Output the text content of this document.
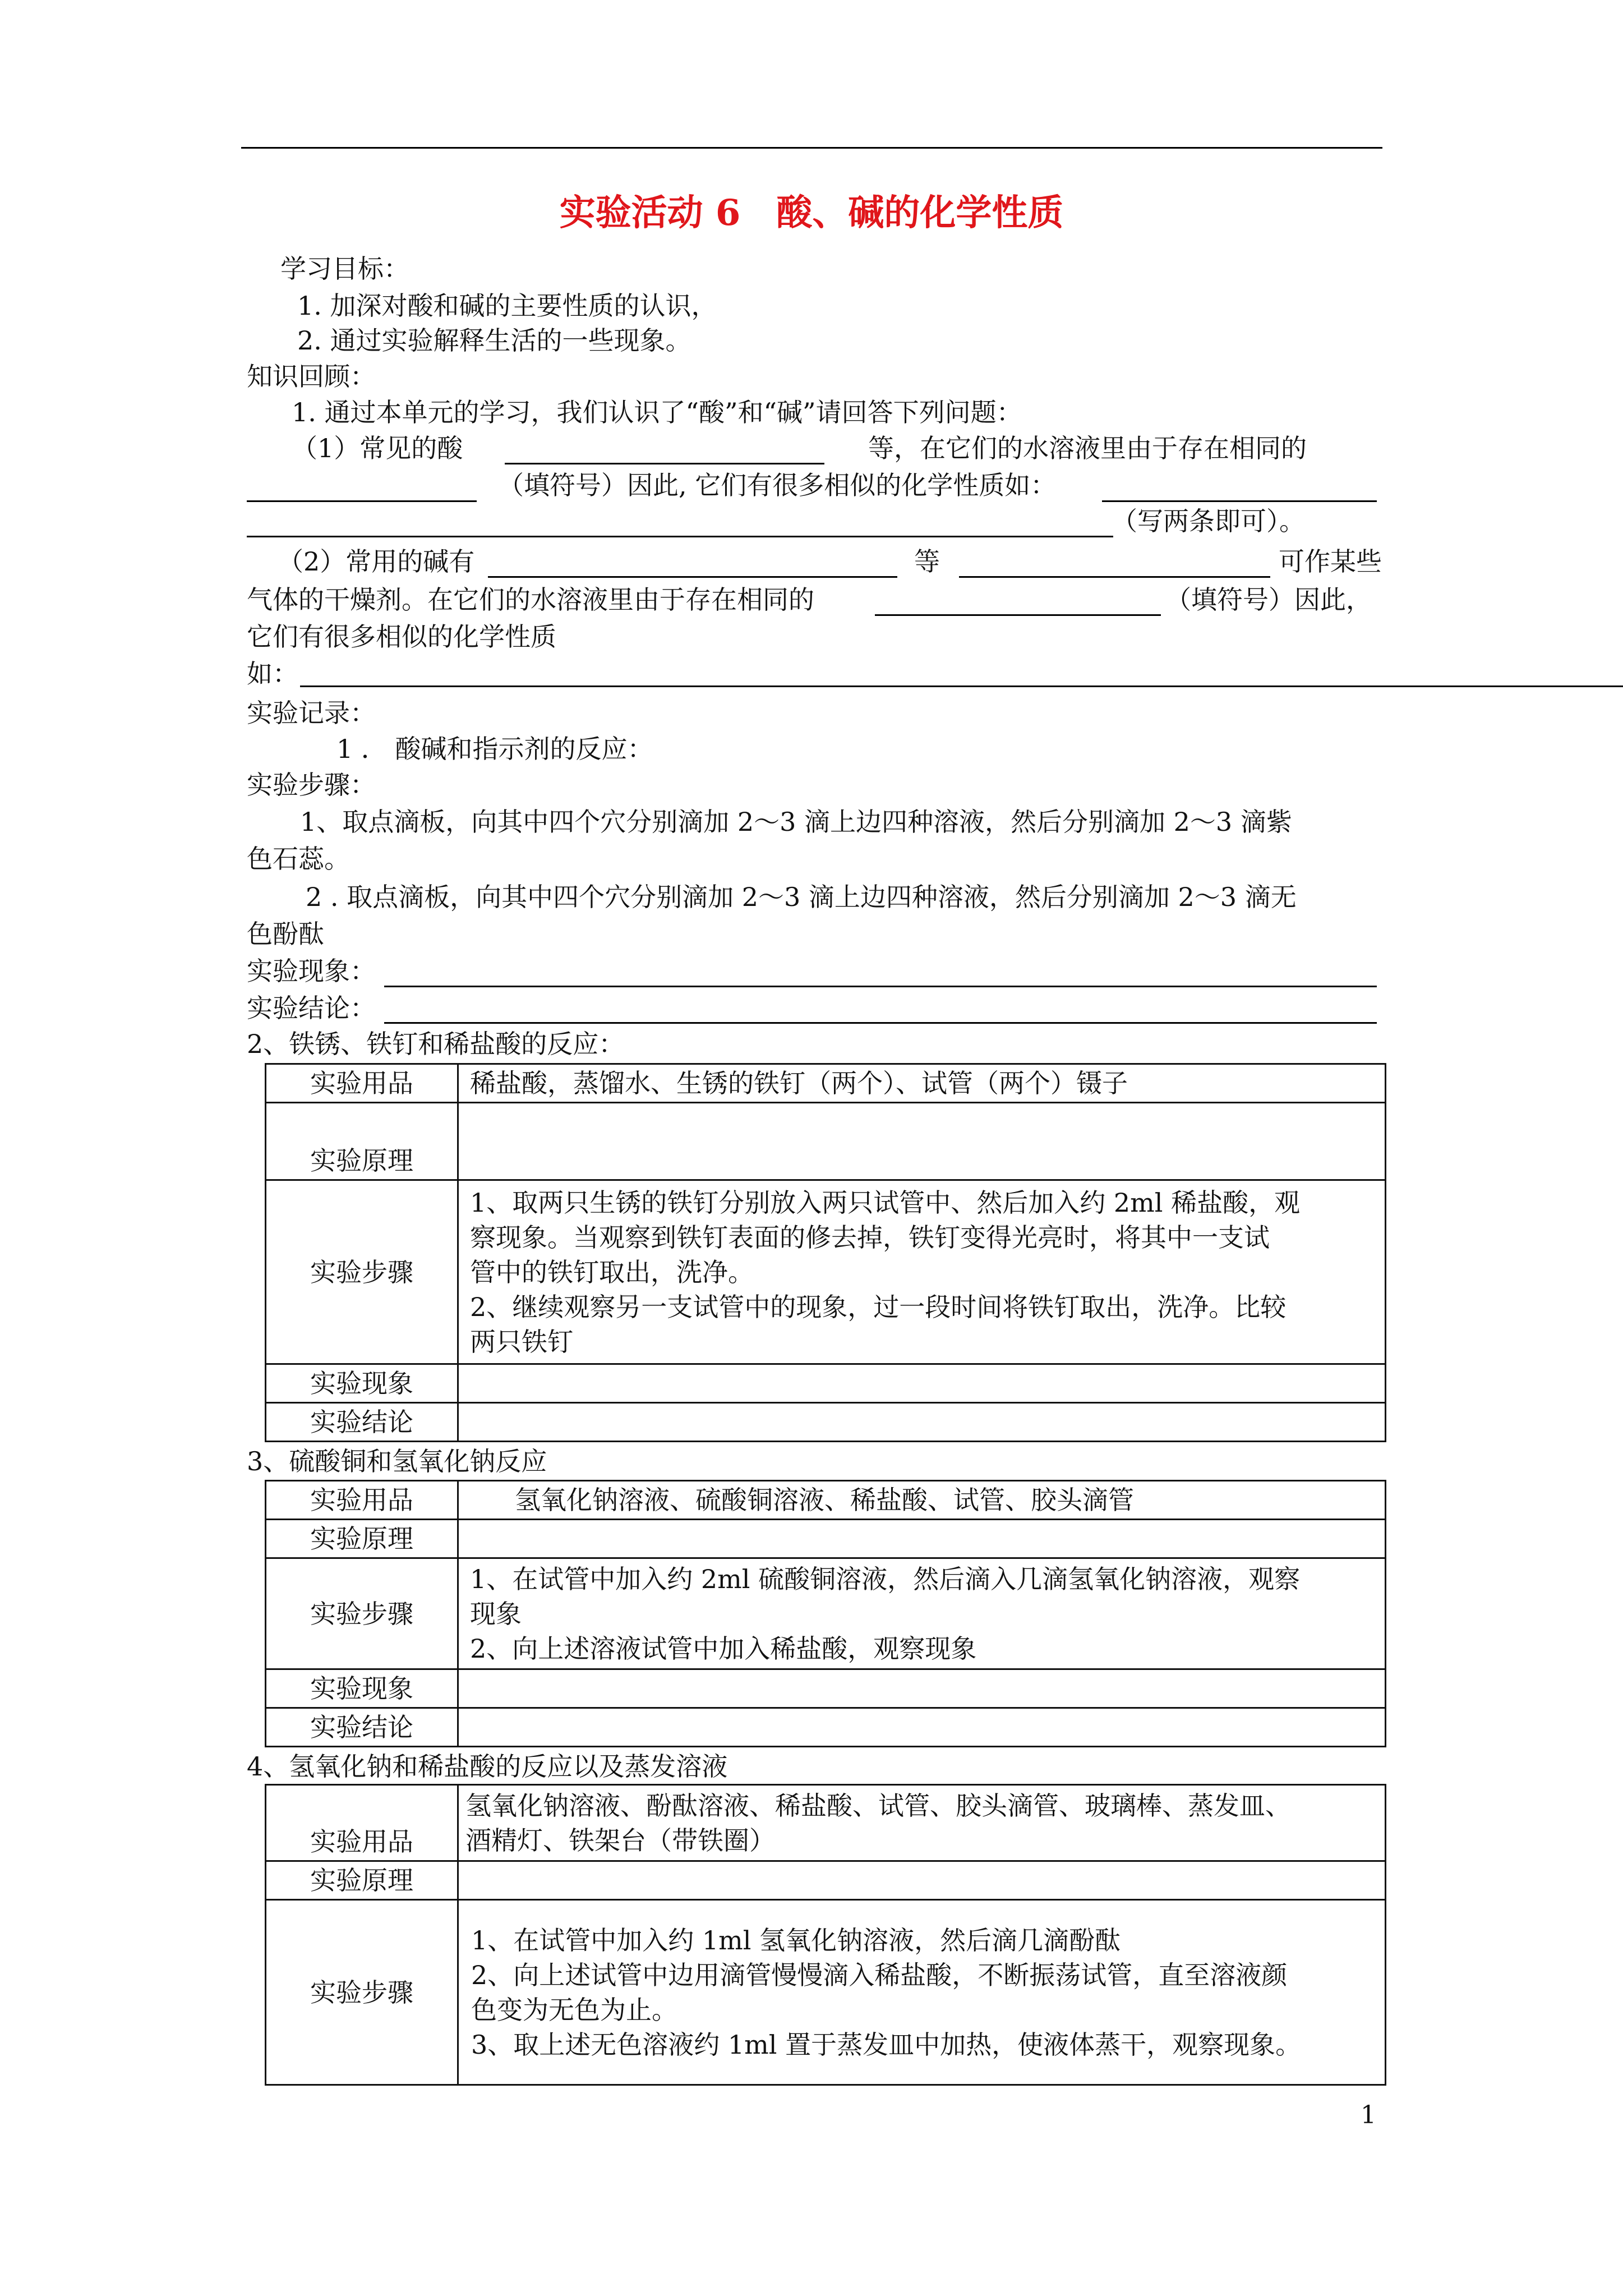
实验活动 6　酸、碱的化学性质
学习目标：
1. 加深对酸和碱的主要性质的认识，
2. 通过实验解释生活的一些现象。
知识回顾：
1. 通过本单元的学习，我们认识了“酸”和“碱”请回答下列问题：
（1）常见的酸	等，在它们的水溶液里由于存在相同的
（填符号）因此, 它们有很多相似的化学性质如：
（写两条即可）。
（2）常用的碱有	等	可作某些
气体的干燥剂。在它们的水溶液里由于存在相同的	（填符号）因此，
它们有很多相似的化学性质
如：
实验记录：
1 ． 酸碱和指示剂的反应：
实验步骤：
1、取点滴板，向其中四个穴分别滴加 2～3 滴上边四种溶液，然后分别滴加 2～3 滴紫
色石蕊。
2 . 取点滴板，向其中四个穴分别滴加 2～3 滴上边四种溶液，然后分别滴加 2～3 滴无
色酚酞
实验现象：
实验结论：
2、铁锈、铁钉和稀盐酸的反应：
实验用品	稀盐酸，蒸馏水、生锈的铁钉（两个）、试管（两个）镊子

实验原理	
实验步骤	1、取两只生锈的铁钉分别放入两只试管中、然后加入约 2ml 稀盐酸，观
察现象。当观察到铁钉表面的修去掉，铁钉变得光亮时，将其中一支试
管中的铁钉取出，洗净。
2、继续观察另一支试管中的现象，过一段时间将铁钉取出，洗净。比较
两只铁钉

实验现象	
实验结论	
3、硫酸铜和氢氧化钠反应
实验用品	氢氧化钠溶液、硫酸铜溶液、稀盐酸、试管、胶头滴管

实验原理	
实验步骤	1、在试管中加入约 2ml 硫酸铜溶液，然后滴入几滴氢氧化钠溶液，观察
现象
2、向上述溶液试管中加入稀盐酸，观察现象

实验现象	
实验结论	
4、氢氧化钠和稀盐酸的反应以及蒸发溶液
实验用品	氢氧化钠溶液、酚酞溶液、稀盐酸、试管、胶头滴管、玻璃棒、蒸发皿、
酒精灯、铁架台（带铁圈）

实验原理	
实验步骤	1、在试管中加入约 1ml 氢氧化钠溶液，然后滴几滴酚酞
2、向上述试管中边用滴管慢慢滴入稀盐酸，不断振荡试管，直至溶液颜
色变为无色为止。
3、取上述无色溶液约 1ml 置于蒸发皿中加热，使液体蒸干，观察现象。
1
